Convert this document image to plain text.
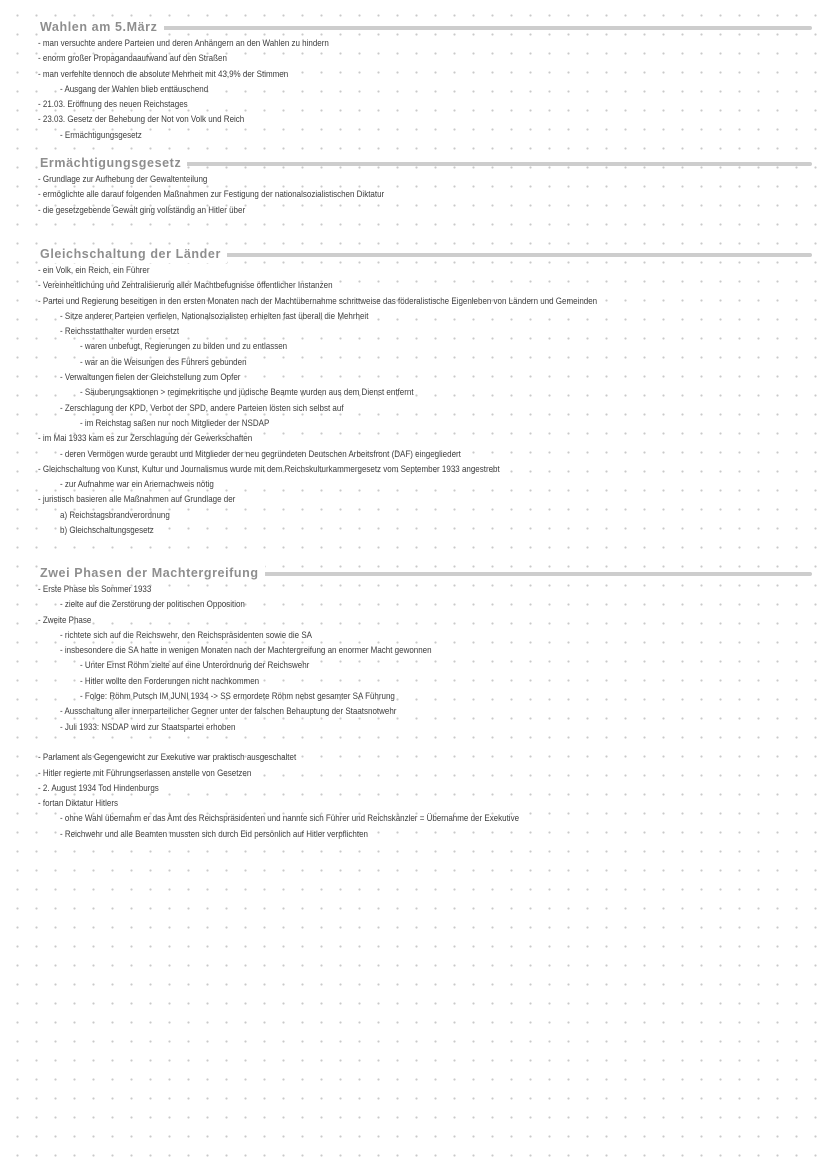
Wahlen am 5.März
- man versuchte andere Parteien und deren Anhängern an den Wahlen zu hindern
- enorm großer Propagandaaufwand auf den Straßen
- man verfehlte dennoch die absolute Mehrheit mit 43,9% der Stimmen
- Ausgang der Wahlen blieb enttäuschend
- 21.03. Eröffnung des neuen Reichstages
- 23.03. Gesetz der Behebung der Not von Volk und Reich
- Ermächtigungsgesetz
Ermächtigungsgesetz
- Grundlage zur Aufhebung der Gewaltenteilung
- ermöglichte alle darauf folgenden Maßnahmen zur Festigung der nationalsozialistischen Diktatur
- die gesetzgebende Gewalt ging vollständig an Hitler über
Gleichschaltung der Länder
- ein Volk, ein Reich, ein Führer
- Vereinheitlichung und Zentralisierung aller Machtbefugnisse öffentlicher Instanzen
- Partei und Regierung beseitigen in den ersten Monaten nach der Machtübernahme schrittweise das föderalistische Eigenleben von Ländern und Gemeinden
- Sitze anderer Parteien verfielen, Nationalsozialisten erhielten fast überall die Mehrheit
- Reichsstatthalter wurden ersetzt
- waren unbefugt, Regierungen zu bilden und zu entlassen
- war an die Weisungen des Führers gebunden
- Verwaltungen fielen der Gleichstellung zum Opfer
- Säuberungsaktionen > regimekritische und jüdische Beamte wurden aus dem Dienst entfernt
- Zerschlagung der KPD, Verbot der SPD, andere Parteien lösten sich selbst auf
- im Reichstag saßen nur noch Mitglieder der NSDAP
- im Mai 1933 kam es zur Zerschlagung der Gewerkschaften
- deren Vermögen wurde geraubt und Mitglieder der neu gegründeten Deutschen Arbeitsfront (DAF) eingegliedert
- Gleichschaltung von Kunst, Kultur und Journalismus wurde mit dem Reichskulturkammergesetz vom September 1933 angestrebt
- zur Aufnahme war ein Ariernachweis nötig
- juristisch basieren alle Maßnahmen auf Grundlage der
a) Reichstagsbrandverordnung
b) Gleichschaltungsgesetz
Zwei Phasen der Machtergreifung
- Erste Phase bis Sommer 1933
- zielte auf die Zerstörung der politischen Opposition
- Zweite Phase
- richtete sich auf die Reichswehr, den Reichspräsidenten sowie die SA
- insbesondere die SA hatte in wenigen Monaten nach der Machtergreifung an enormer Macht gewonnen
- Unter Ernst Röhm zielte auf eine Unterordnung der Reichswehr
- Hitler wollte den Forderungen nicht nachkommen
- Folge: Röhm Putsch IM JUNI 1934 -> SS ermordete Röhm nebst gesamter SA Führung
- Ausschaltung aller innerparteilicher Gegner unter der falschen Behauptung der Staatsnotwehr
- Juli 1933: NSDAP wird zur Staatspartei erhoben
- Parlament als Gegengewicht zur Exekutive war praktisch ausgeschaltet
- Hitler regierte mit Führungserlassen anstelle von Gesetzen
- 2. August 1934 Tod Hindenburgs
- fortan Diktatur Hitlers
- ohne Wahl übernahm er das Amt des Reichspräsidenten und nannte sich Führer und Reichskänzler = Übernahme der Exekutive
- Reichwehr und alle Beamten mussten sich durch Eid persönlich auf Hitler verpflichten
